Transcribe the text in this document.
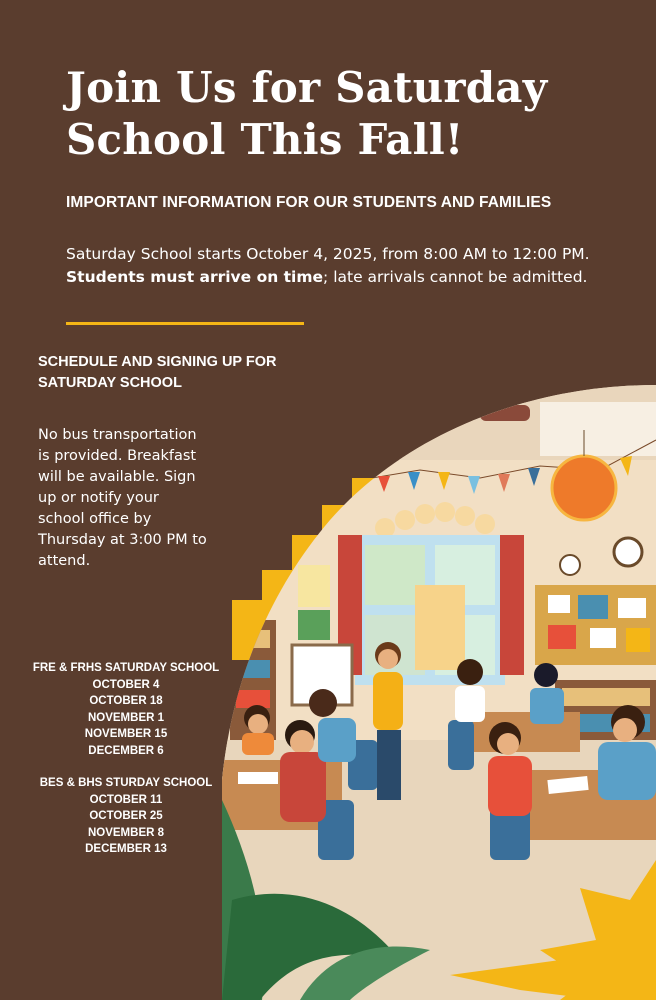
Join Us for Saturday School This Fall!
IMPORTANT INFORMATION FOR OUR STUDENTS AND FAMILIES
Saturday School starts October 4, 2025, from 8:00 AM to 12:00 PM. Students must arrive on time; late arrivals cannot be admitted.
SCHEDULE AND SIGNING UP FOR SATURDAY SCHOOL
No bus transportation is provided. Breakfast will be available. Sign up or notify your school office by Thursday at 3:00 PM to attend.
FRE & FRHS SATURDAY SCHOOL
OCTOBER 4
OCTOBER 18
NOVEMBER 1
NOVEMBER 15
DECEMBER 6
BES & BHS STURDAY SCHOOL
OCTOBER 11
OCTOBER 25
NOVEMBER 8
DECEMBER 13
